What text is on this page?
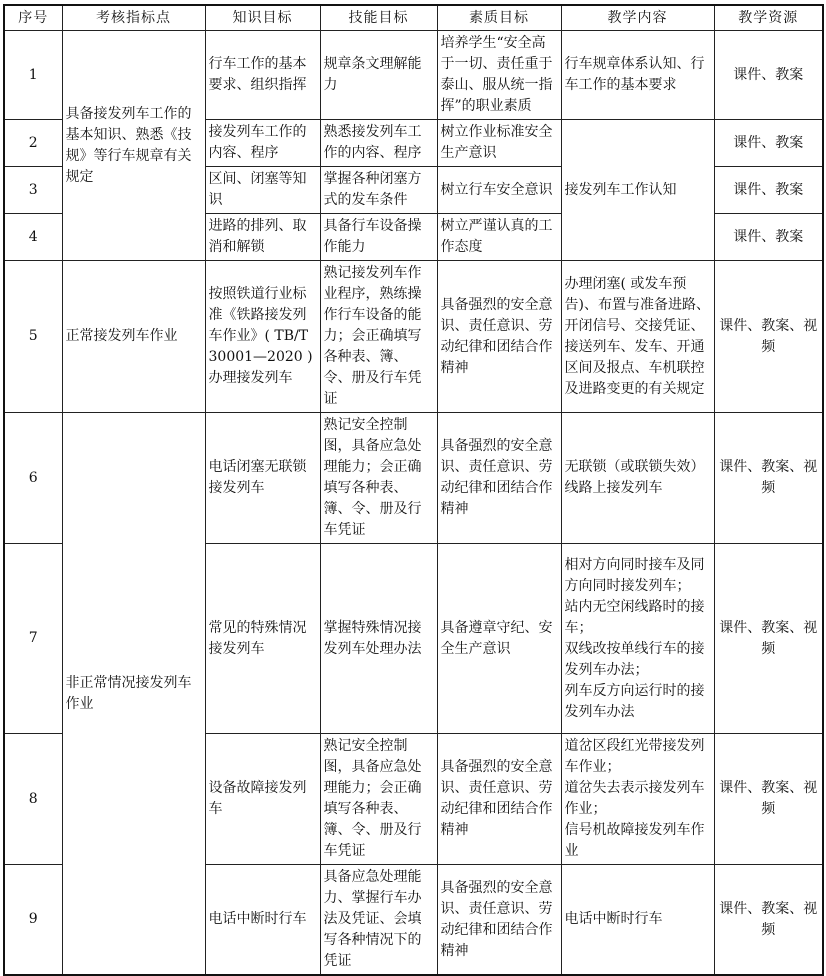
序号	考核指标点	知识目标	技能目标	素质目标	教学内容	教学资源
1	具备接发列车工作的基本知识、熟悉《技规》等行车规章有关规定	行车工作的基本要求、组织指挥	规章条文理解能力	培养学生“安全高于一切、责任重于泰山、服从统一指挥”的职业素质	行车规章体系认知、行车工作的基本要求	课件、教案
2		接发列车工作的内容、程序	熟悉接发列车工作的内容、程序	树立作业标准安全生产意识	接发列车工作认知	课件、教案
3		区间、闭塞等知识	掌握各种闭塞方式的发车条件	树立行车安全意识		课件、教案
4		进路的排列、取消和解锁	具备行车设备操作能力	树立严谨认真的工作态度		课件、教案
5	正常接发列车作业	按照铁道行业标准《铁路接发列车作业》( TB/T 30001—2020 ) 办理接发列车	熟记接发列车作业程序，熟练操作行车设备的能力；会正确填写各种表、簿、令、册及行车凭证	具备强烈的安全意识、责任意识、劳动纪律和团结合作精神	办理闭塞( 或发车预告)、布置与准备进路、开闭信号、交接凭证、接送列车、发车、开通区间及报点、车机联控及进路变更的有关规定	课件、教案、视频
6	非正常情况接发列车作业	电话闭塞无联锁接发列车	熟记安全控制图，具备应急处理能力；会正确填写各种表、簿、令、册及行车凭证	具备强烈的安全意识、责任意识、劳动纪律和团结合作精神	无联锁（或联锁失效）线路上接发列车	课件、教案、视频
7		常见的特殊情况接发列车	掌握特殊情况接发列车处理办法	具备遵章守纪、安全生产意识	相对方向同时接车及同方向同时接发列车；
站内无空闲线路时的接车；
双线改按单线行车的接发列车办法；
列车反方向运行时的接发列车办法	课件、教案、视频
8		设备故障接发列车	熟记安全控制图，具备应急处理能力；会正确填写各种表、簿、令、册及行车凭证	具备强烈的安全意识、责任意识、劳动纪律和团结合作精神	道岔区段红光带接发列车作业；
道岔失去表示接发列车作业；
信号机故障接发列车作业	课件、教案、视频
9		电话中断时行车	具备应急处理能力、掌握行车办法及凭证、会填写各种情况下的凭证	具备强烈的安全意识、责任意识、劳动纪律和团结合作精神	电话中断时行车	课件、教案、视频
